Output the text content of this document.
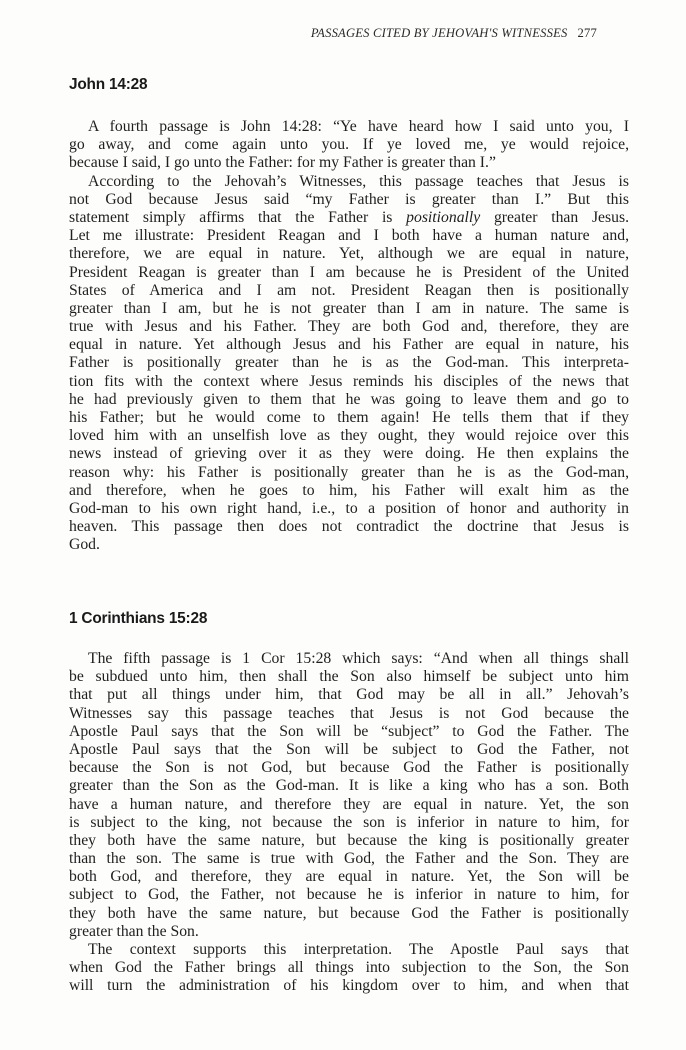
PASSAGES CITED BY JEHOVAH'S WITNESSES 277
John 14:28
A fourth passage is John 14:28: “Ye have heard how I said unto you, I
go away, and come again unto you. If ye loved me, ye would rejoice,
because I said, I go unto the Father: for my Father is greater than I.”
According to the Jehovah’s Witnesses, this passage teaches that Jesus is
not God because Jesus said “my Father is greater than I.” But this
statement simply affirms that the Father is positionally greater than Jesus.
Let me illustrate: President Reagan and I both have a human nature and,
therefore, we are equal in nature. Yet, although we are equal in nature,
President Reagan is greater than I am because he is President of the United
States of America and I am not. President Reagan then is positionally
greater than I am, but he is not greater than I am in nature. The same is
true with Jesus and his Father. They are both God and, therefore, they are
equal in nature. Yet although Jesus and his Father are equal in nature, his
Father is positionally greater than he is as the God-man. This interpreta-
tion fits with the context where Jesus reminds his disciples of the news that
he had previously given to them that he was going to leave them and go to
his Father; but he would come to them again! He tells them that if they
loved him with an unselfish love as they ought, they would rejoice over this
news instead of grieving over it as they were doing. He then explains the
reason why: his Father is positionally greater than he is as the God-man,
and therefore, when he goes to him, his Father will exalt him as the
God-man to his own right hand, i.e., to a position of honor and authority in
heaven. This passage then does not contradict the doctrine that Jesus is
God.
1 Corinthians 15:28
The fifth passage is 1 Cor 15:28 which says: “And when all things shall
be subdued unto him, then shall the Son also himself be subject unto him
that put all things under him, that God may be all in all.” Jehovah’s
Witnesses say this passage teaches that Jesus is not God because the
Apostle Paul says that the Son will be “subject” to God the Father. The
Apostle Paul says that the Son will be subject to God the Father, not
because the Son is not God, but because God the Father is positionally
greater than the Son as the God-man. It is like a king who has a son. Both
have a human nature, and therefore they are equal in nature. Yet, the son
is subject to the king, not because the son is inferior in nature to him, for
they both have the same nature, but because the king is positionally greater
than the son. The same is true with God, the Father and the Son. They are
both God, and therefore, they are equal in nature. Yet, the Son will be
subject to God, the Father, not because he is inferior in nature to him, for
they both have the same nature, but because God the Father is positionally
greater than the Son.
The context supports this interpretation. The Apostle Paul says that
when God the Father brings all things into subjection to the Son, the Son
will turn the administration of his kingdom over to him, and when that
